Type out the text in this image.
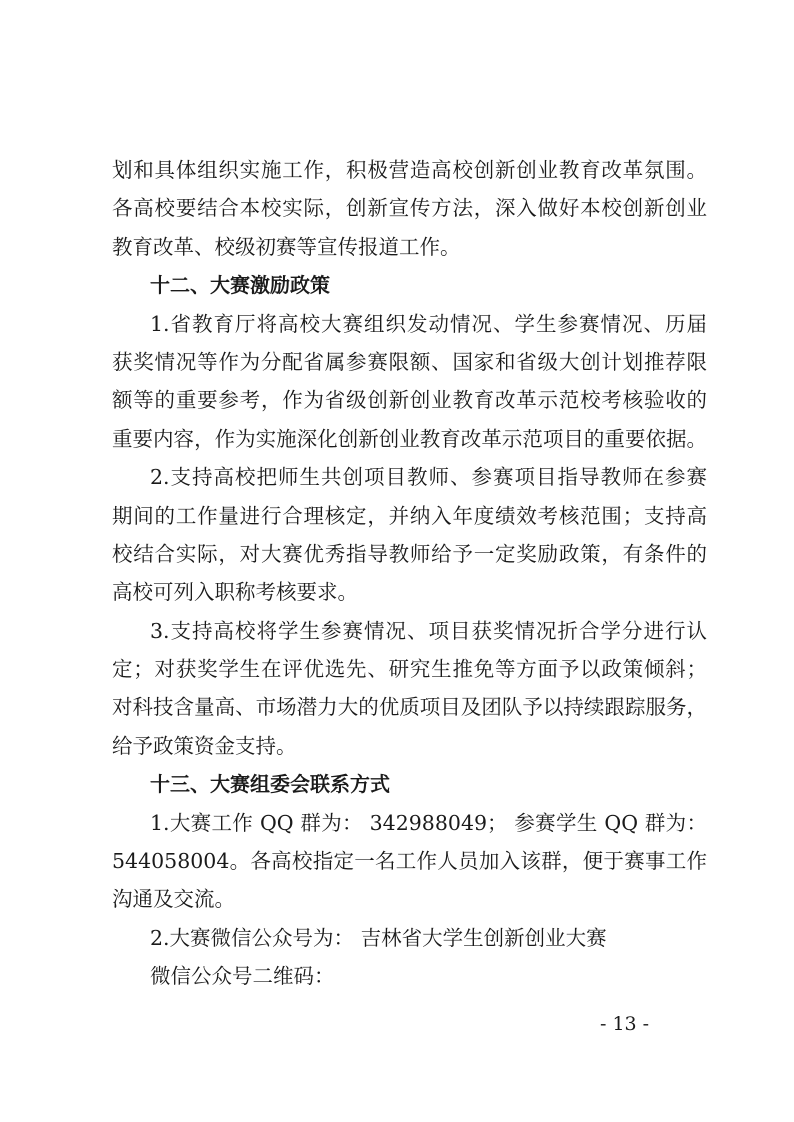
划和具体组织实施工作，积极营造高校创新创业教育改革氛围。
各高校要结合本校实际，创新宣传方法，深入做好本校创新创业
教育改革、校级初赛等宣传报道工作。
十二、大赛激励政策
1.省教育厅将高校大赛组织发动情况、学生参赛情况、历届
获奖情况等作为分配省属参赛限额、国家和省级大创计划推荐限
额等的重要参考，作为省级创新创业教育改革示范校考核验收的
重要内容，作为实施深化创新创业教育改革示范项目的重要依据。
2.支持高校把师生共创项目教师、参赛项目指导教师在参赛
期间的工作量进行合理核定，并纳入年度绩效考核范围；支持高
校结合实际，对大赛优秀指导教师给予一定奖励政策，有条件的
高校可列入职称考核要求。
3.支持高校将学生参赛情况、项目获奖情况折合学分进行认
定；对获奖学生在评优选先、研究生推免等方面予以政策倾斜；
对科技含量高、市场潜力大的优质项目及团队予以持续跟踪服务，
给予政策资金支持。
十三、大赛组委会联系方式
1.大赛工作 QQ 群为： 342988049； 参赛学生 QQ 群为：
544058004。各高校指定一名工作人员加入该群，便于赛事工作
沟通及交流。
2.大赛微信公众号为： 吉林省大学生创新创业大赛
微信公众号二维码：
- 13 -
